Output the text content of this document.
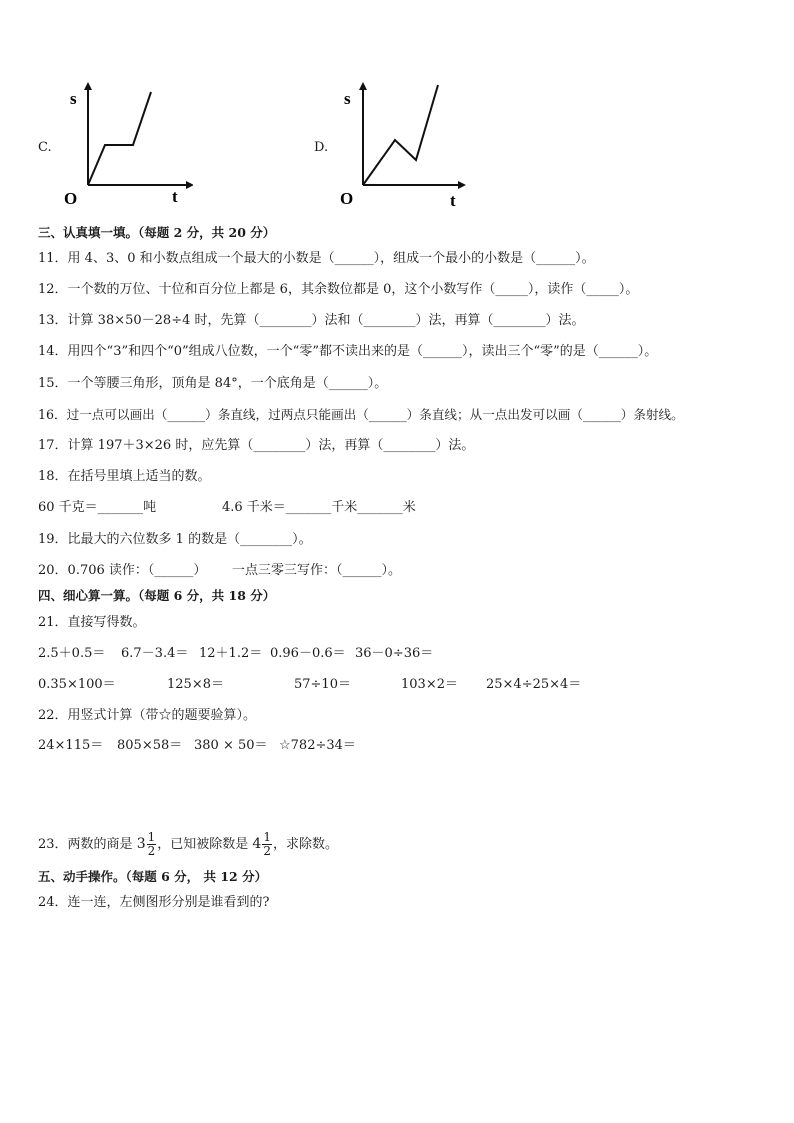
C.
s
O	t
D.
s
O	t
三、认真填一填。（每题 2 分，共 20 分）
11．用 4、3、0 和小数点组成一个最大的小数是（______），组成一个最小的小数是（______）。
12．一个数的万位、十位和百分位上都是 6，其余数位都是 0，这个小数写作（_____），读作（_____）。
13．计算 38×50－28÷4 时，先算（________）法和（________）法，再算（________）法。
14．用四个“3”和四个“0”组成八位数，一个“零”都不读出来的是（______），读出三个“零”的是（______）。
15．一个等腰三角形，顶角是 84°，一个底角是（______）。
16．过一点可以画出（______）条直线，过两点只能画出（______）条直线；从一点出发可以画（______）条射线。
17．计算 197＋3×26 时，应先算（________）法，再算（________）法。
18．在括号里填上适当的数。
60 千克＝_______吨	4.6 千米＝_______千米_______米
19．比最大的六位数多 1 的数是（________）。
20．0.706 读作：（______） 一点三零三写作：（______）。
四、细心算一算。（每题 6 分，共 18 分）
21．直接写得数。
2.5＋0.5＝ 6.7－3.4＝ 12＋1.2＝ 0.96－0.6＝ 36－0÷36＝
0.35×100＝	125×8＝	57÷10＝	103×2＝ 25×4÷25×4＝
22．用竖式计算（带☆的题要验算）。
24×115＝ 805×58＝ 380 × 50＝ ☆782÷34＝
23．两数的商是 $3 \frac{1}{2}$ ，已知被除数是 $4 \frac{1}{2}$ ，求除数。
五、动手操作。（每题 6 分， 共 12 分）
24．连一连，左侧图形分别是谁看到的?
